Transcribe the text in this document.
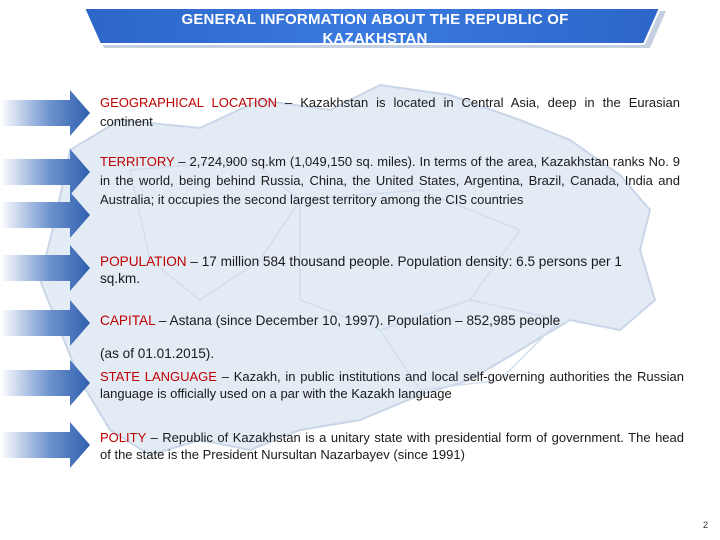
GENERAL INFORMATION ABOUT THE REPUBLIC OF
KAZAKHSTAN
GEOGRAPHICAL LOCATION – Kazakhstan is located in Central Asia, deep in the Eurasian continent
TERRITORY – 2,724,900 sq.km (1,049,150 sq. miles). In terms of the area, Kazakhstan ranks No. 9 in the world, being behind Russia, China, the United States, Argentina, Brazil, Canada, India and Australia; it occupies the second largest territory among the CIS countries
POPULATION – 17 million 584 thousand people. Population density: 6.5 persons per 1 sq.km.
CAPITAL – Astana (since December 10, 1997). Population – 852,985 people
(as of 01.01.2015).
STATE LANGUAGE – Kazakh, in public institutions and local self-governing authorities the Russian language is officially used on a par with the Kazakh language
POLITY – Republic of Kazakhstan is a unitary state with presidential form of government. The head of the state is the President Nursultan Nazarbayev (since 1991)
2
